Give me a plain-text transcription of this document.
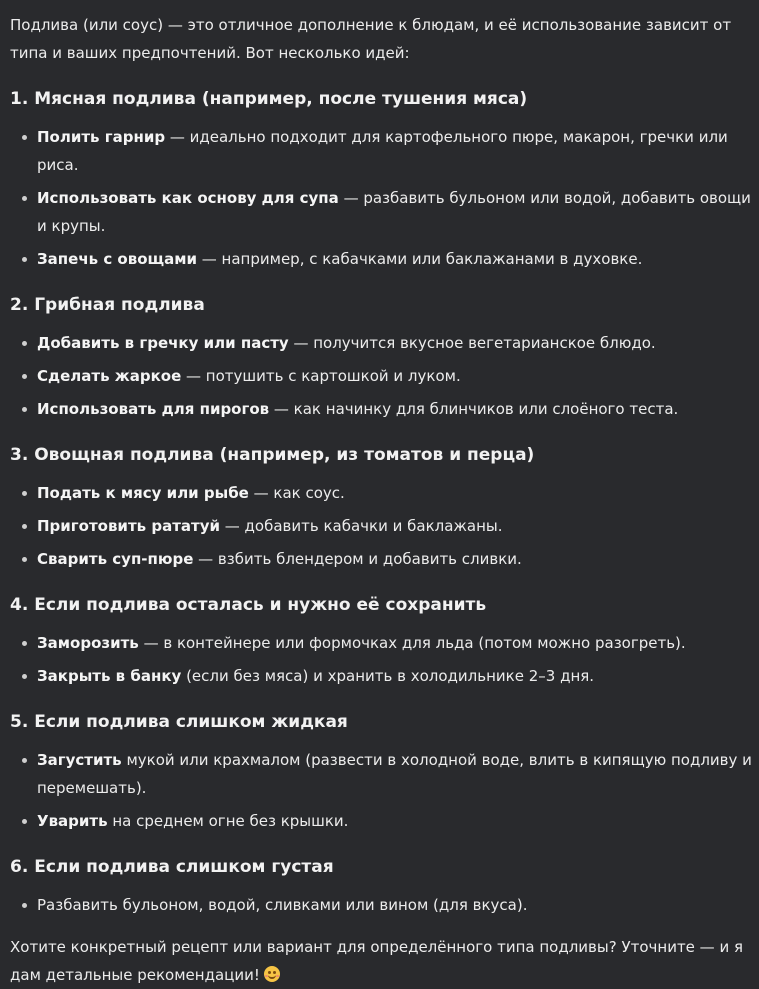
Подлива (или соус) — это отличное дополнение к блюдам, и её использование зависит от типа и ваших предпочтений. Вот несколько идей:

1. Мясная подлива (например, после тушения мяса)
Полить гарнир — идеально подходит для картофельного пюре, макарон, гречки или риса.
Использовать как основу для супа — разбавить бульоном или водой, добавить овощи и крупы.
Запечь с овощами — например, с кабачками или баклажанами в духовке.
2. Грибная подлива
Добавить в гречку или пасту — получится вкусное вегетарианское блюдо.
Сделать жаркое — потушить с картошкой и луком.
Использовать для пирогов — как начинку для блинчиков или слоёного теста.
3. Овощная подлива (например, из томатов и перца)
Подать к мясу или рыбе — как соус.
Приготовить рататуй — добавить кабачки и баклажаны.
Сварить суп-пюре — взбить блендером и добавить сливки.
4. Если подлива осталась и нужно её сохранить
Заморозить — в контейнере или формочках для льда (потом можно разогреть).
Закрыть в банку (если без мяса) и хранить в холодильнике 2–3 дня.
5. Если подлива слишком жидкая
Загустить мукой или крахмалом (развести в холодной воде, влить в кипящую подливу и перемешать).
Уварить на среднем огне без крышки.
6. Если подлива слишком густая
Разбавить бульоном, водой, сливками или вином (для вкуса).

Хотите конкретный рецепт или вариант для определённого типа подливы? Уточните — и я дам детальные рекомендации!
